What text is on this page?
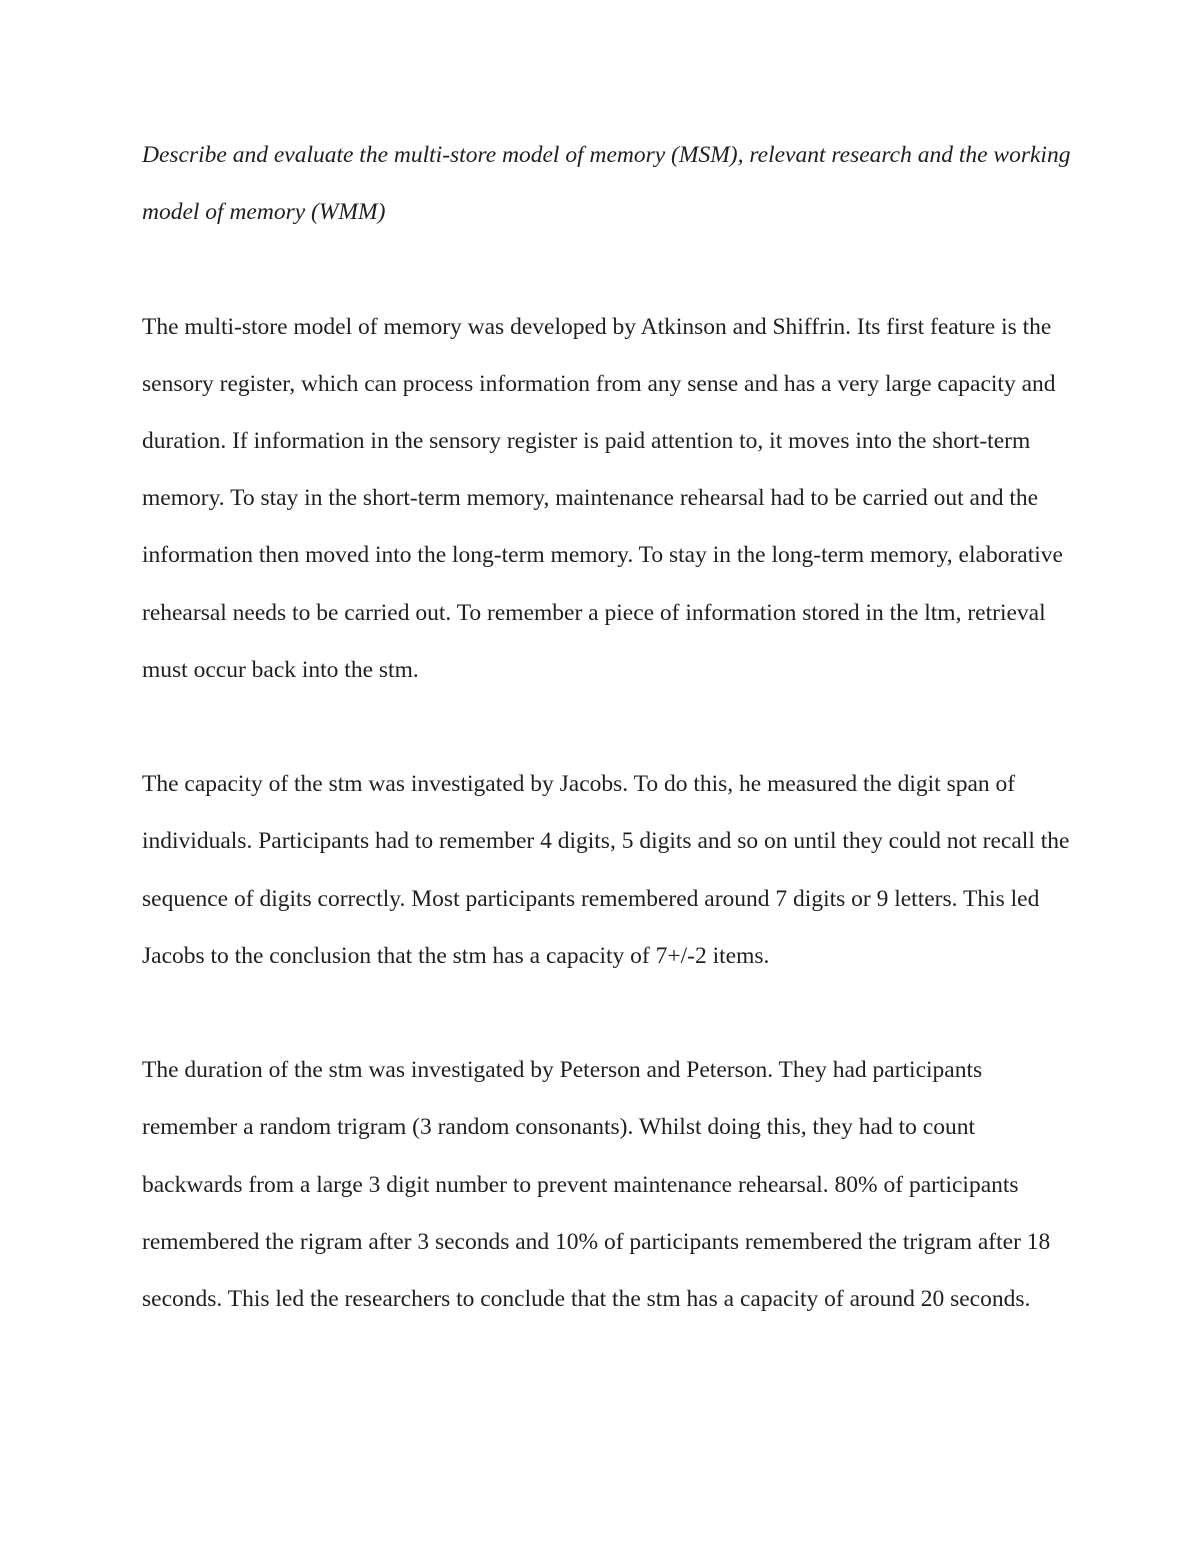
Describe and evaluate the multi-store model of memory (MSM), relevant research and the working model of memory (WMM)

The multi-store model of memory was developed by Atkinson and Shiffrin. Its first feature is the sensory register, which can process information from any sense and has a very large capacity and duration. If information in the sensory register is paid attention to, it moves into the short-term memory. To stay in the short-term memory, maintenance rehearsal had to be carried out and the information then moved into the long-term memory. To stay in the long-term memory, elaborative rehearsal needs to be carried out. To remember a piece of information stored in the ltm, retrieval must occur back into the stm.

The capacity of the stm was investigated by Jacobs. To do this, he measured the digit span of individuals. Participants had to remember 4 digits, 5 digits and so on until they could not recall the sequence of digits correctly. Most participants remembered around 7 digits or 9 letters. This led Jacobs to the conclusion that the stm has a capacity of 7+/-2 items.

The duration of the stm was investigated by Peterson and Peterson. They had participants remember a random trigram (3 random consonants). Whilst doing this, they had to count backwards from a large 3 digit number to prevent maintenance rehearsal. 80% of participants remembered the rigram after 3 seconds and 10% of participants remembered the trigram after 18 seconds. This led the researchers to conclude that the stm has a capacity of around 20 seconds.
